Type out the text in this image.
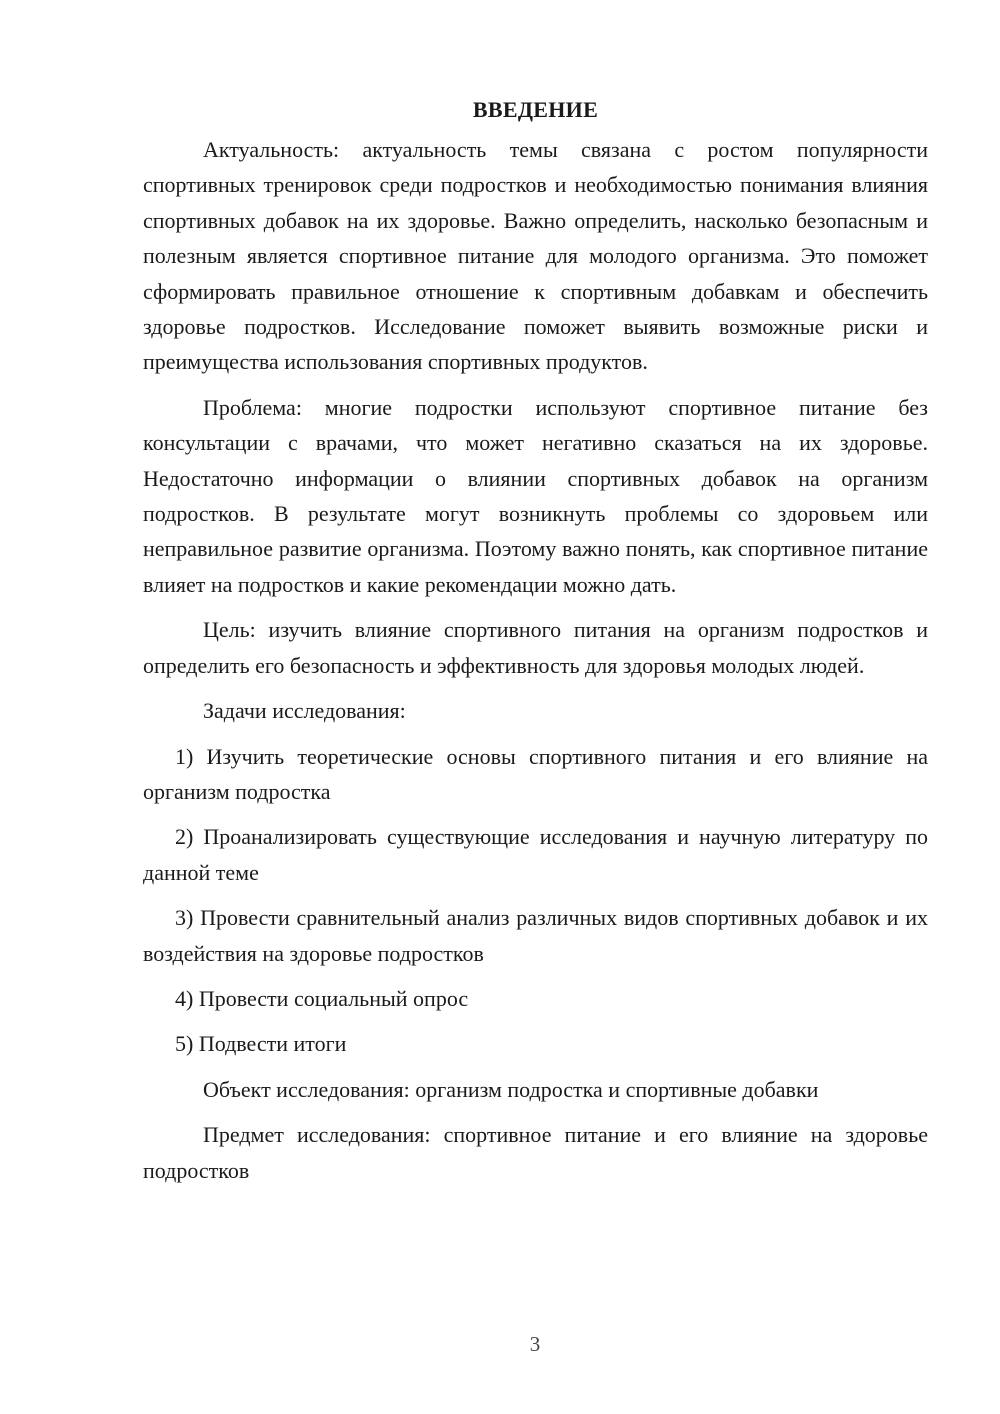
ВВЕДЕНИЕ

Актуальность: актуальность темы связана с ростом популярности спортивных тренировок среди подростков и необходимостью понимания влияния спортивных добавок на их здоровье. Важно определить, насколько безопасным и полезным является спортивное питание для молодого организма. Это поможет сформировать правильное отношение к спортивным добавкам и обеспечить здоровье подростков. Исследование поможет выявить возможные риски и преимущества использования спортивных продуктов.

Проблема: многие подростки используют спортивное питание без консультации с врачами, что может негативно сказаться на их здоровье. Недостаточно информации о влиянии спортивных добавок на организм подростков. В результате могут возникнуть проблемы со здоровьем или неправильное развитие организма. Поэтому важно понять, как спортивное питание влияет на подростков и какие рекомендации можно дать.

Цель: изучить влияние спортивного питания на организм подростков и определить его безопасность и эффективность для здоровья молодых людей.

Задачи исследования:

1) Изучить теоретические основы спортивного питания и его влияние на организм подростка

2) Проанализировать существующие исследования и научную литературу по данной теме

3) Провести сравнительный анализ различных видов спортивных добавок и их воздействия на здоровье подростков

4) Провести социальный опрос

5) Подвести итоги

Объект исследования: организм подростка и спортивные добавки

Предмет исследования: спортивное питание и его влияние на здоровье подростков

3
